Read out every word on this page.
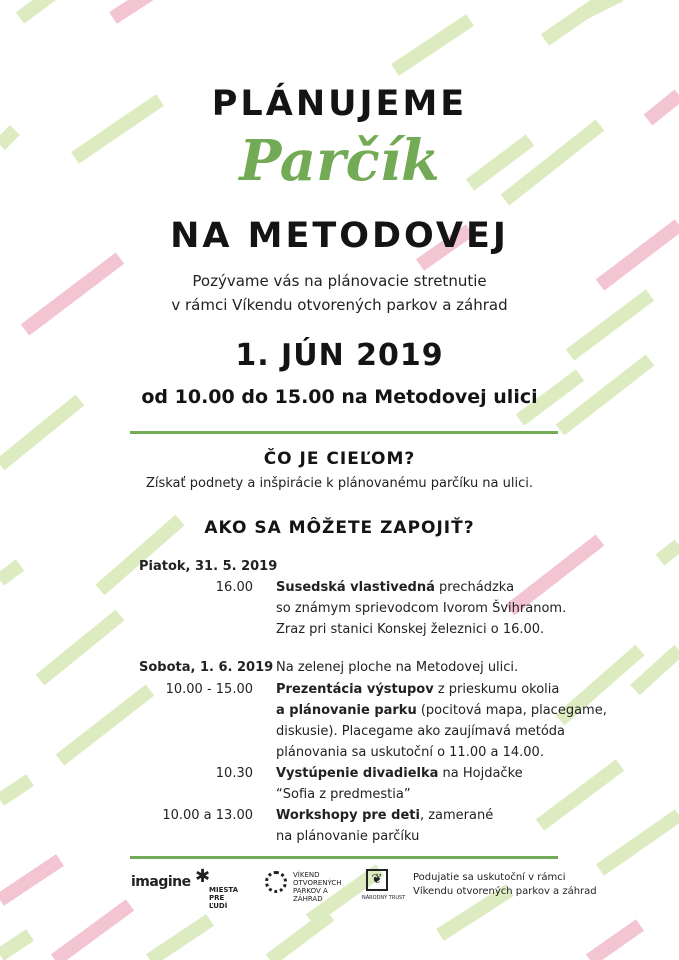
PLÁNUJEME
Parčík
NA METODOVEJ
Pozývame vás na plánovacie stretnutie
v rámci Víkendu otvorených parkov a záhrad
1. JÚN 2019
od 10.00 do 15.00 na Metodovej ulici
ČO JE CIEĽOM?
Získať podnety a inšpirácie k plánovanému parčíku na ulici.
AKO SA MÔŽETE ZAPOJIŤ?
Piatok, 31. 5. 2019
16.00 Susedská vlastivedná prechádzka
so známym sprievodcom Ivorom Švihranom.
Zraz pri stanici Konskej železnici o 16.00.
Sobota, 1. 6. 2019 Na zelenej ploche na Metodovej ulici.
10.00 - 15.00 Prezentácia výstupov z prieskumu okolia
a plánovanie parku (pocitová mapa, placegame,
diskusie). Placegame ako zaujímavá metóda
plánovania sa uskutoční o 11.00 a 14.00.
10.30 Vystúpenie divadielka na Hojdačke
“Sofia z predmestia”
10.00 a 13.00 Workshopy pre deti, zamerané
na plánovanie parčíku
imagine ✱
MIESTA
PRE
ĽUDÍ
VÍKEND
OTVORENÝCH
PARKOV A ZÁHRAD
❦
NÁRODNÝ TRUST
Podujatie sa uskutoční v rámci
Víkendu otvorených parkov a záhrad
